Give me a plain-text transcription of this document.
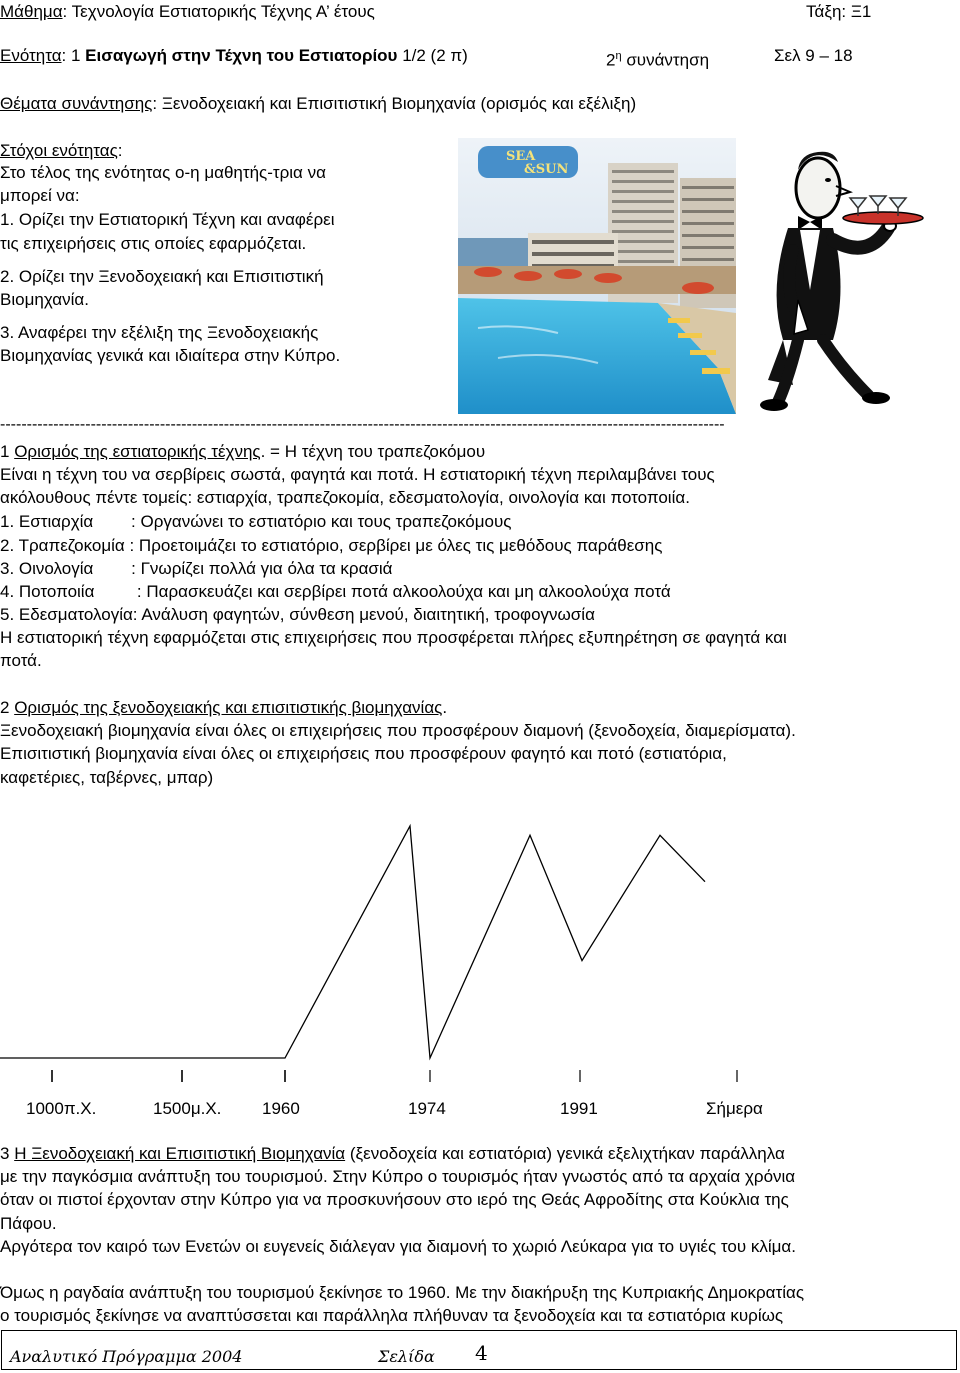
Μάθημα: Τεχνολογία Εστιατορικής Τέχνης Α’ έτους	Τάξη: Ξ1
Ενότητα: 1 Εισαγωγή στην Τέχνη του Εστιατορίου 1/2 (2 π)	$2^\eta$ συνάντηση	Σελ 9 – 18
Θέματα συνάντησης: Ξενοδοχειακή και Επισιτιστική Βιομηχανία (ορισμός και εξέλιξη)
Στόχοι ενότητας:
Στο τέλος της ενότητας ο-η μαθητής-τρια να
μπορεί να:
1. Ορίζει την Εστιατορική Τέχνη και αναφέρει
τις επιχειρήσεις στις οποίες εφαρμόζεται.
2. Ορίζει την Ξενοδοχειακή και Επισιτιστική
Βιομηχανία.
3. Αναφέρει την εξέλιξη της Ξενοδοχειακής
Βιομηχανίας γενικά και ιδιαίτερα στην Κύπρο.
SEA
&SUN
----------------------------------------------------------------------------------------------------------------------------------------
1 Ορισμός της εστιατορικής τέχνης. = Η τέχνη του τραπεζοκόμου
Είναι η τέχνη του να σερβίρεις σωστά, φαγητά και ποτά. Η εστιατορική τέχνη περιλαμβάνει τους
ακόλουθους πέντε τομείς: εστιαρχία, τραπεζοκομία, εδεσματολογία, οινολογία και ποτοποιία.
1. Εστιαρχία        : Οργανώνει το εστιατόριο και τους τραπεζοκόμους
2. Τραπεζοκομία : Προετοιμάζει το εστιατόριο, σερβίρει με όλες τις μεθόδους παράθεσης
3. Οινολογία        : Γνωρίζει πολλά για όλα τα κρασιά
4. Ποτοποιία         : Παρασκευάζει και σερβίρει ποτά αλκοολούχα και μη αλκοολούχα ποτά
5. Εδεσματολογία: Ανάλυση φαγητών, σύνθεση μενού, διαιτητική, τροφογνωσία
Η εστιατορική τέχνη εφαρμόζεται στις επιχειρήσεις που προσφέρεται πλήρες εξυπηρέτηση σε φαγητά και
ποτά.
2 Ορισμός της ξενοδοχειακής και επισιτιστικής βιομηχανίας.
Ξενοδοχειακή βιομηχανία είναι όλες οι επιχειρήσεις που προσφέρουν διαμονή (ξενοδοχεία, διαμερίσματα).
Επισιτιστική βιομηχανία είναι όλες οι επιχειρήσεις που προσφέρουν φαγητό και ποτό (εστιατόρια,
καφετέριες, ταβέρνες, μπαρ)
1000π.Χ.	1500μ.Χ. 1960	1974	1991	Σήμερα
3 Η Ξενοδοχειακή και Επισιτιστική Βιομηχανία (ξενοδοχεία και εστιατόρια) γενικά εξελιχτήκαν παράλληλα
με την παγκόσμια ανάπτυξη του τουρισμού. Στην Κύπρο ο τουρισμός ήταν γνωστός από τα αρχαία χρόνια
όταν οι πιστοί έρχονταν στην Κύπρο για να προσκυνήσουν στο ιερό της Θεάς Αφροδίτης στα Κούκλια της
Πάφου.
Αργότερα τον καιρό των Ενετών οι ευγενείς διάλεγαν για διαμονή το χωριό Λεύκαρα για το υγιές του κλίμα.
Όμως η ραγδαία ανάπτυξη του τουρισμού ξεκίνησε το 1960. Με την διακήρυξη της Κυπριακής Δημοκρατίας
ο τουρισμός ξεκίνησε να αναπτύσσεται και παράλληλα πλήθυναν τα ξενοδοχεία και τα εστιατόρια κυρίως
Αναλυτικό Πρόγραμμα 2004	Σελίδα 4
